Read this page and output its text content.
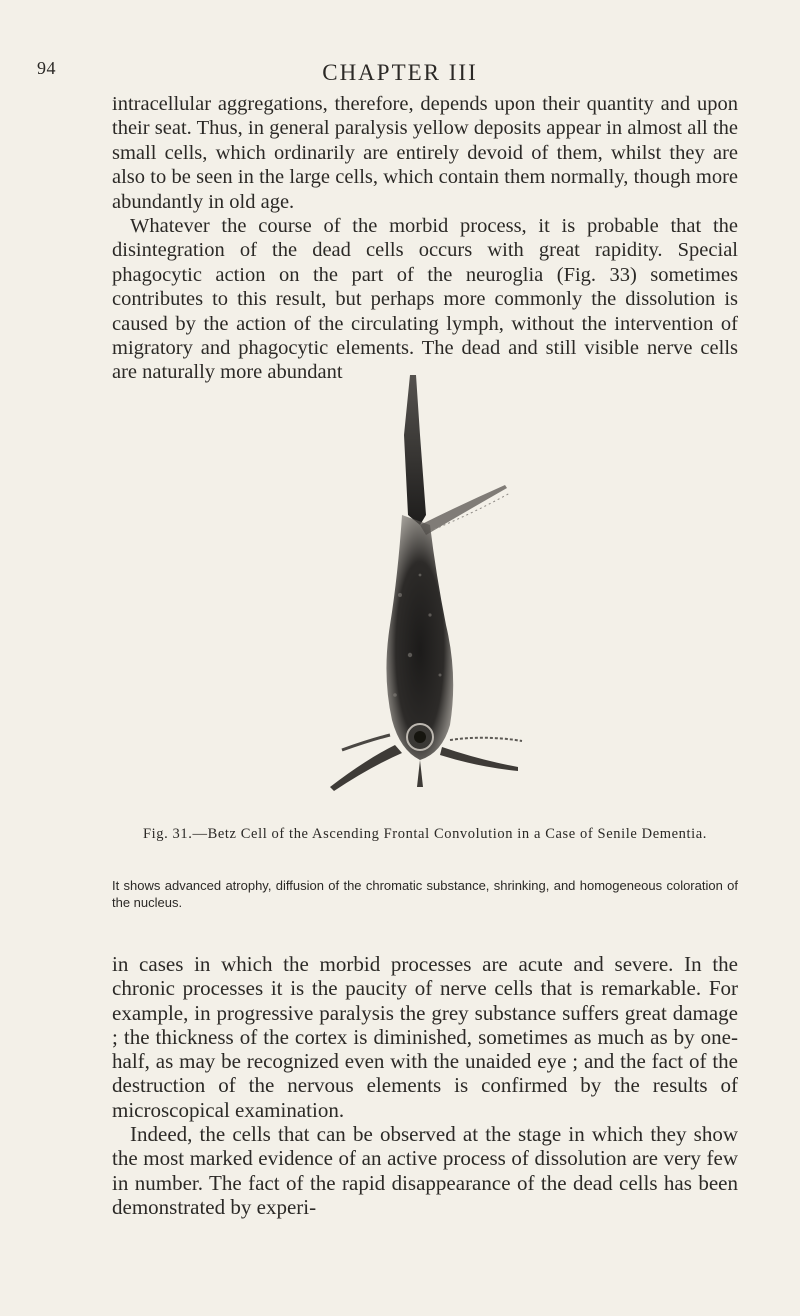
94	CHAPTER III

intracellular aggregations, therefore, depends upon their quantity and upon their seat. Thus, in general paralysis yellow deposits appear in almost all the small cells, which ordinarily are entirely devoid of them, whilst they are also to be seen in the large cells, which contain them normally, though more abundantly in old age.

Whatever the course of the morbid process, it is probable that the disintegration of the dead cells occurs with great rapidity. Special phagocytic action on the part of the neuroglia (Fig. 33) sometimes contributes to this result, but perhaps more commonly the dissolution is caused by the action of the circulating lymph, without the intervention of migratory and phagocytic elements. The dead and still visible nerve cells are naturally more abundant

Fig. 31.—Betz Cell of the Ascending Frontal Convolution in a Case of Senile Dementia.
It shows advanced atrophy, diffusion of the chromatic substance, shrinking, and homogeneous coloration of the nucleus.

in cases in which the morbid processes are acute and severe. In the chronic processes it is the paucity of nerve cells that is remarkable. For example, in progressive paralysis the grey substance suffers great damage ; the thickness of the cortex is diminished, sometimes as much as by one-half, as may be recognized even with the unaided eye ; and the fact of the destruction of the nervous elements is confirmed by the results of microscopical examination.

Indeed, the cells that can be observed at the stage in which they show the most marked evidence of an active process of dissolution are very few in number. The fact of the rapid disappearance of the dead cells has been demonstrated by experi-
